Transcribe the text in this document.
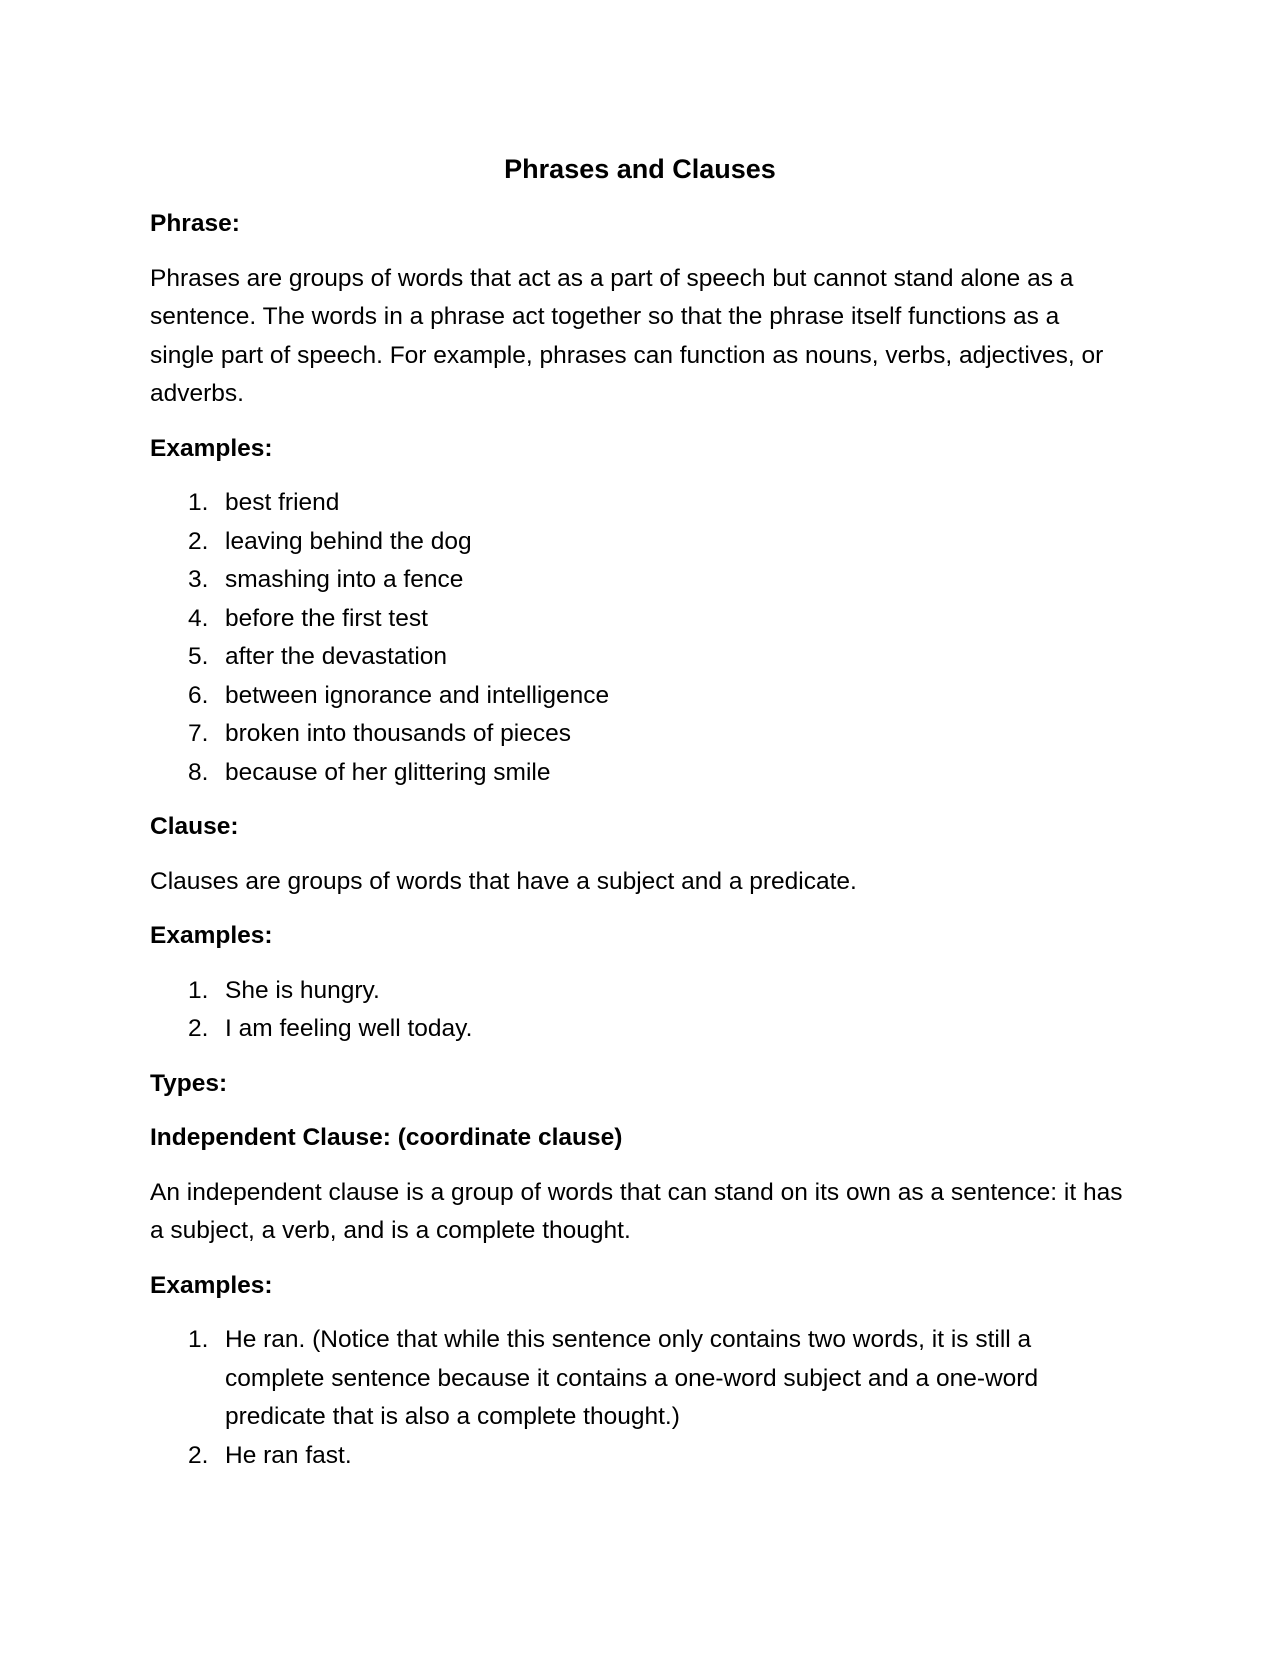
Phrases and Clauses
Phrase:
Phrases are groups of words that act as a part of speech but cannot stand alone as a sentence. The words in a phrase act together so that the phrase itself functions as a single part of speech. For example, phrases can function as nouns, verbs, adjectives, or adverbs.
Examples:
1. best friend
2. leaving behind the dog
3. smashing into a fence
4. before the first test
5. after the devastation
6. between ignorance and intelligence
7. broken into thousands of pieces
8. because of her glittering smile
Clause:
Clauses are groups of words that have a subject and a predicate.
Examples:
1. She is hungry.
2. I am feeling well today.
Types:
Independent Clause: (coordinate clause)
An independent clause is a group of words that can stand on its own as a sentence: it has a subject, a verb, and is a complete thought.
Examples:
1. He ran. (Notice that while this sentence only contains two words, it is still a complete sentence because it contains a one-word subject and a one-word predicate that is also a complete thought.)
2. He ran fast.
